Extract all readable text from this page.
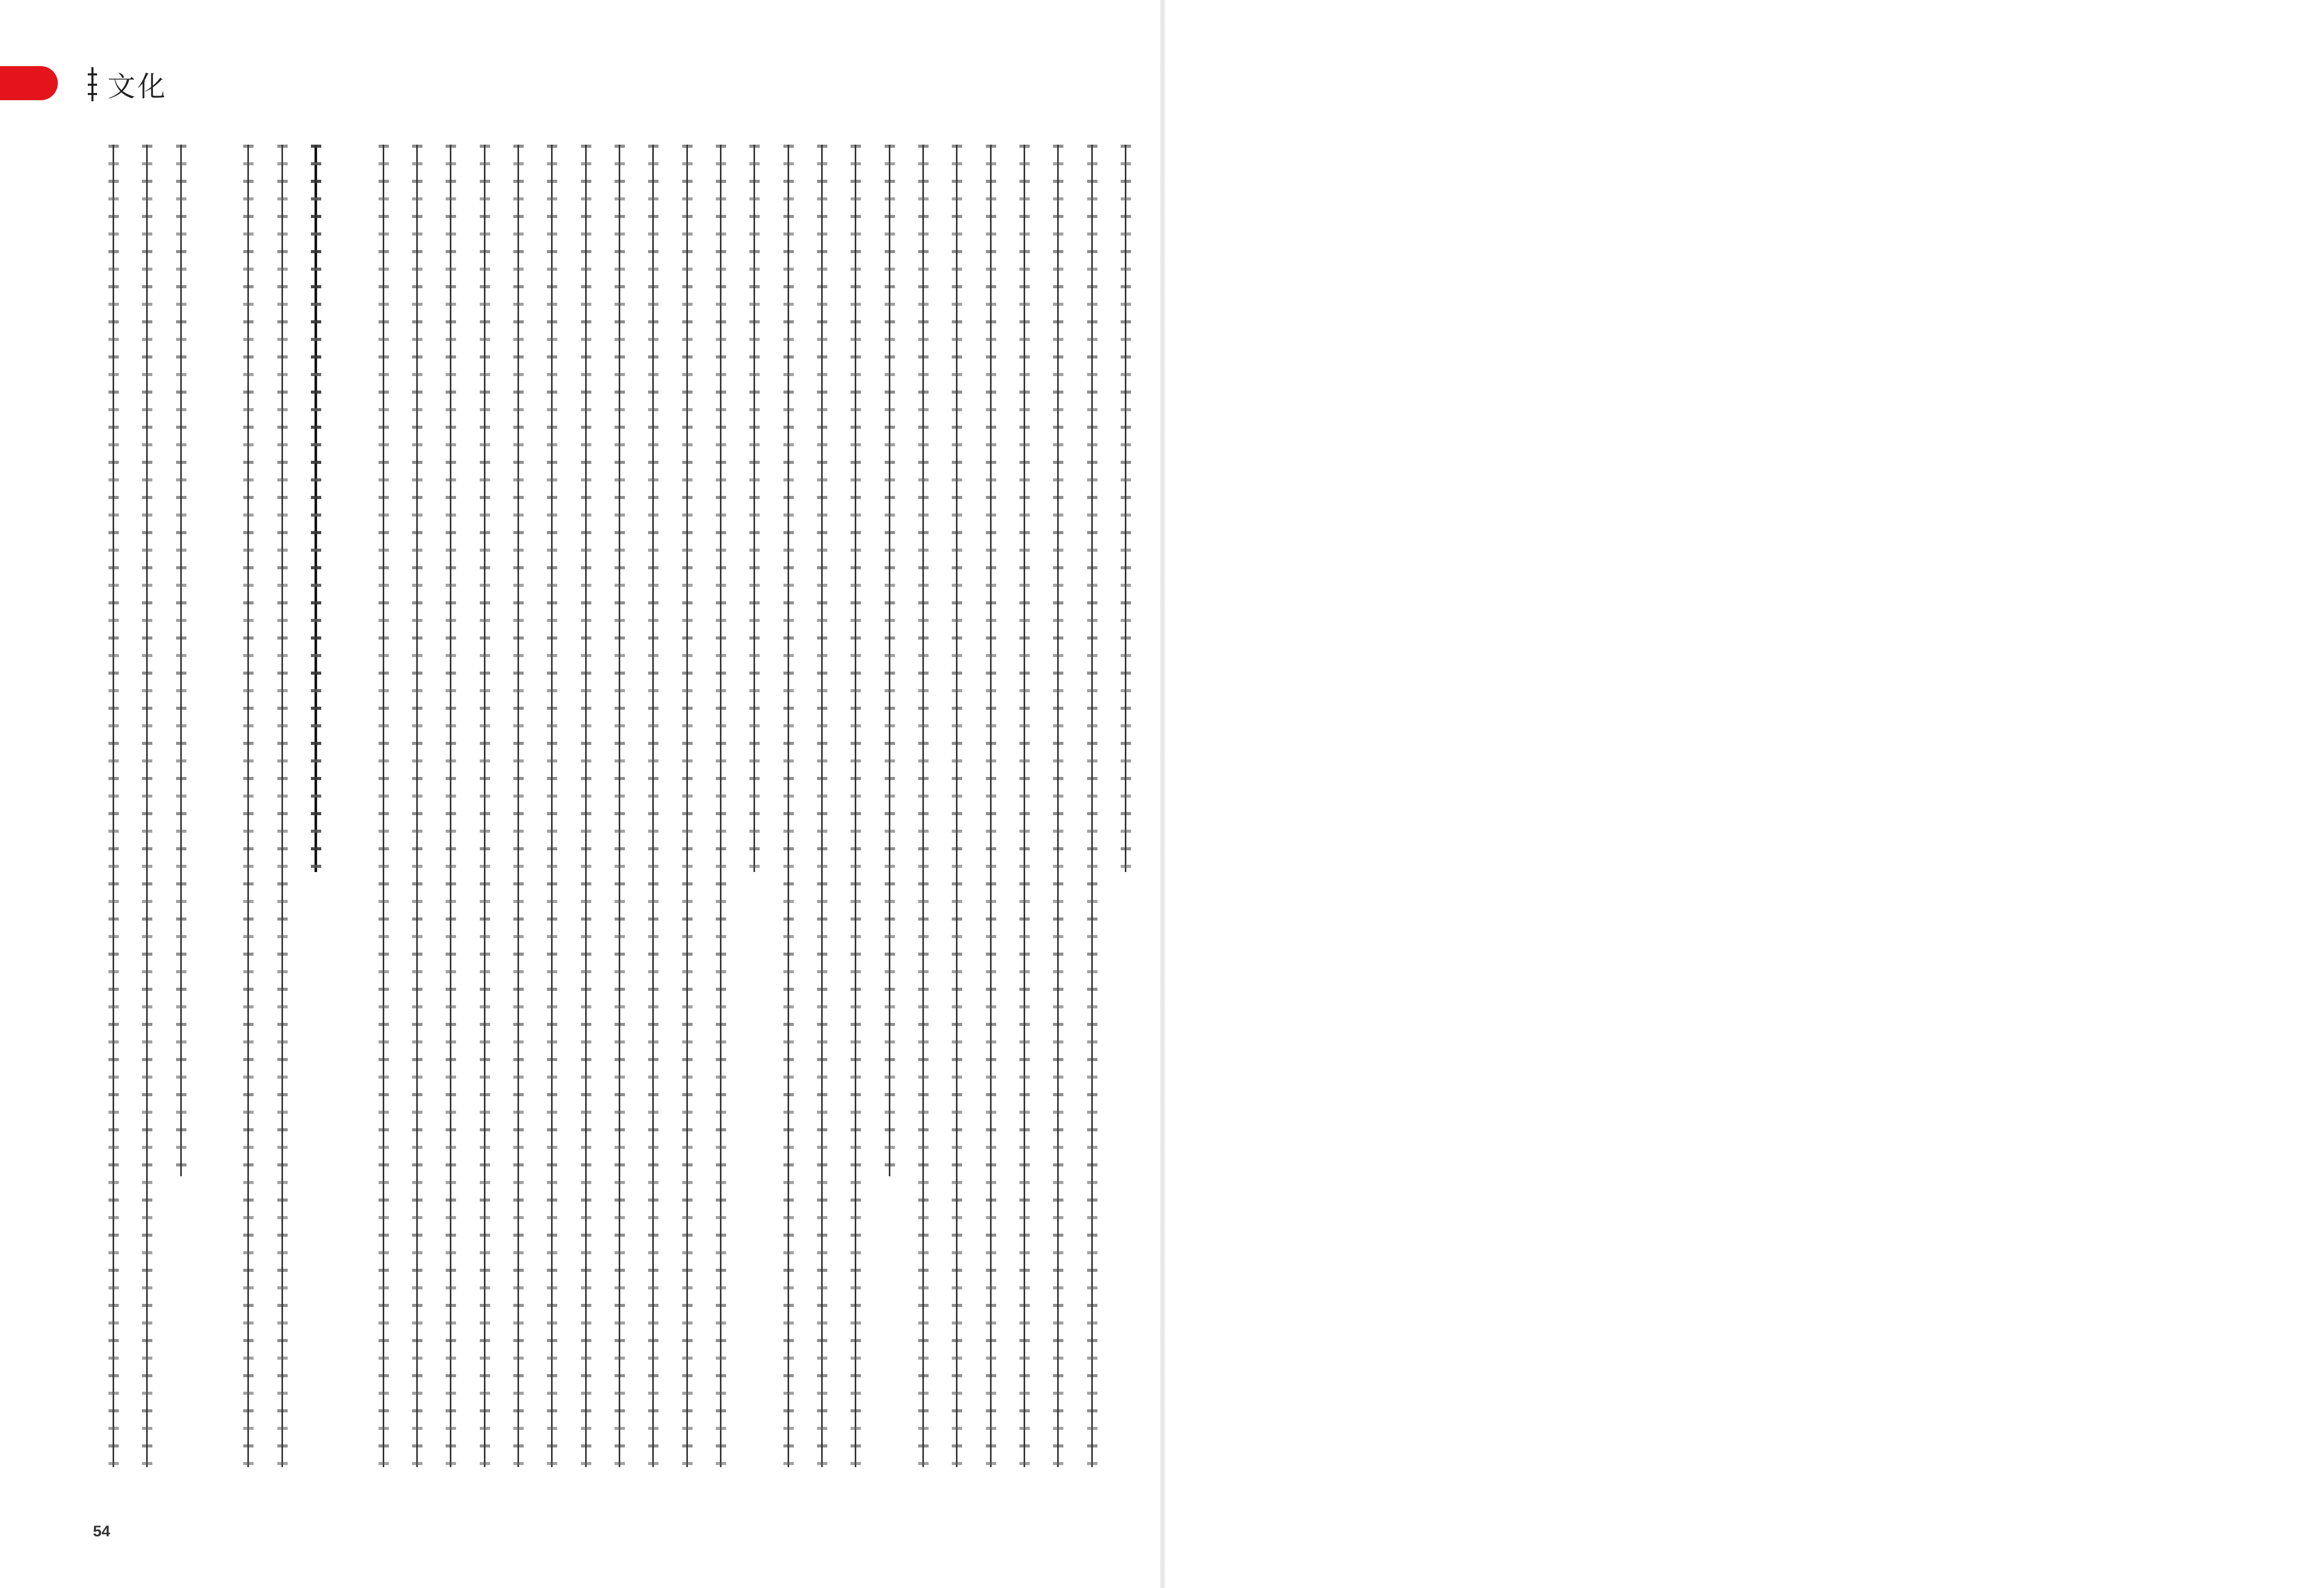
文化
54
